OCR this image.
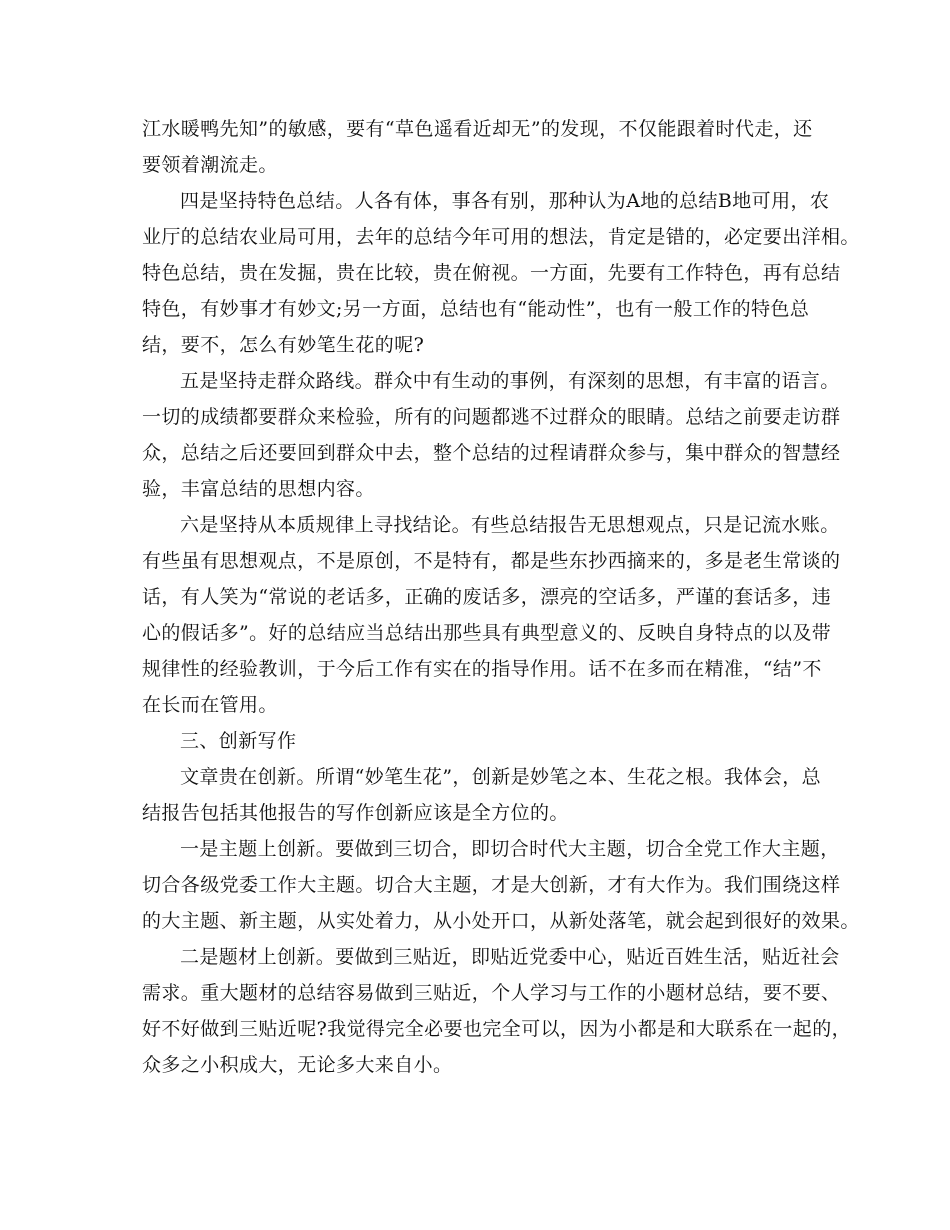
江水暖鸭先知”的敏感，要有“草色遥看近却无”的发现，不仅能跟着时代走，还
要领着潮流走。
四是坚持特色总结。人各有体，事各有别，那种认为A地的总结B地可用，农
业厅的总结农业局可用，去年的总结今年可用的想法，肯定是错的，必定要出洋相。
特色总结，贵在发掘，贵在比较，贵在俯视。一方面，先要有工作特色，再有总结
特色，有妙事才有妙文;另一方面，总结也有“能动性”，也有一般工作的特色总
结，要不，怎么有妙笔生花的呢?
五是坚持走群众路线。群众中有生动的事例，有深刻的思想，有丰富的语言。
一切的成绩都要群众来检验，所有的问题都逃不过群众的眼睛。总结之前要走访群
众，总结之后还要回到群众中去，整个总结的过程请群众参与，集中群众的智慧经
验，丰富总结的思想内容。
六是坚持从本质规律上寻找结论。有些总结报告无思想观点，只是记流水账。
有些虽有思想观点，不是原创，不是特有，都是些东抄西摘来的，多是老生常谈的
话，有人笑为“常说的老话多，正确的废话多，漂亮的空话多，严谨的套话多，违
心的假话多”。好的总结应当总结出那些具有典型意义的、反映自身特点的以及带
规律性的经验教训，于今后工作有实在的指导作用。话不在多而在精准，“结”不
在长而在管用。
三、创新写作
文章贵在创新。所谓“妙笔生花”，创新是妙笔之本、生花之根。我体会，总
结报告包括其他报告的写作创新应该是全方位的。
一是主题上创新。要做到三切合，即切合时代大主题，切合全党工作大主题，
切合各级党委工作大主题。切合大主题，才是大创新，才有大作为。我们围绕这样
的大主题、新主题，从实处着力，从小处开口，从新处落笔，就会起到很好的效果。
二是题材上创新。要做到三贴近，即贴近党委中心，贴近百姓生活，贴近社会
需求。重大题材的总结容易做到三贴近，个人学习与工作的小题材总结，要不要、
好不好做到三贴近呢?我觉得完全必要也完全可以，因为小都是和大联系在一起的，
众多之小积成大，无论多大来自小。
